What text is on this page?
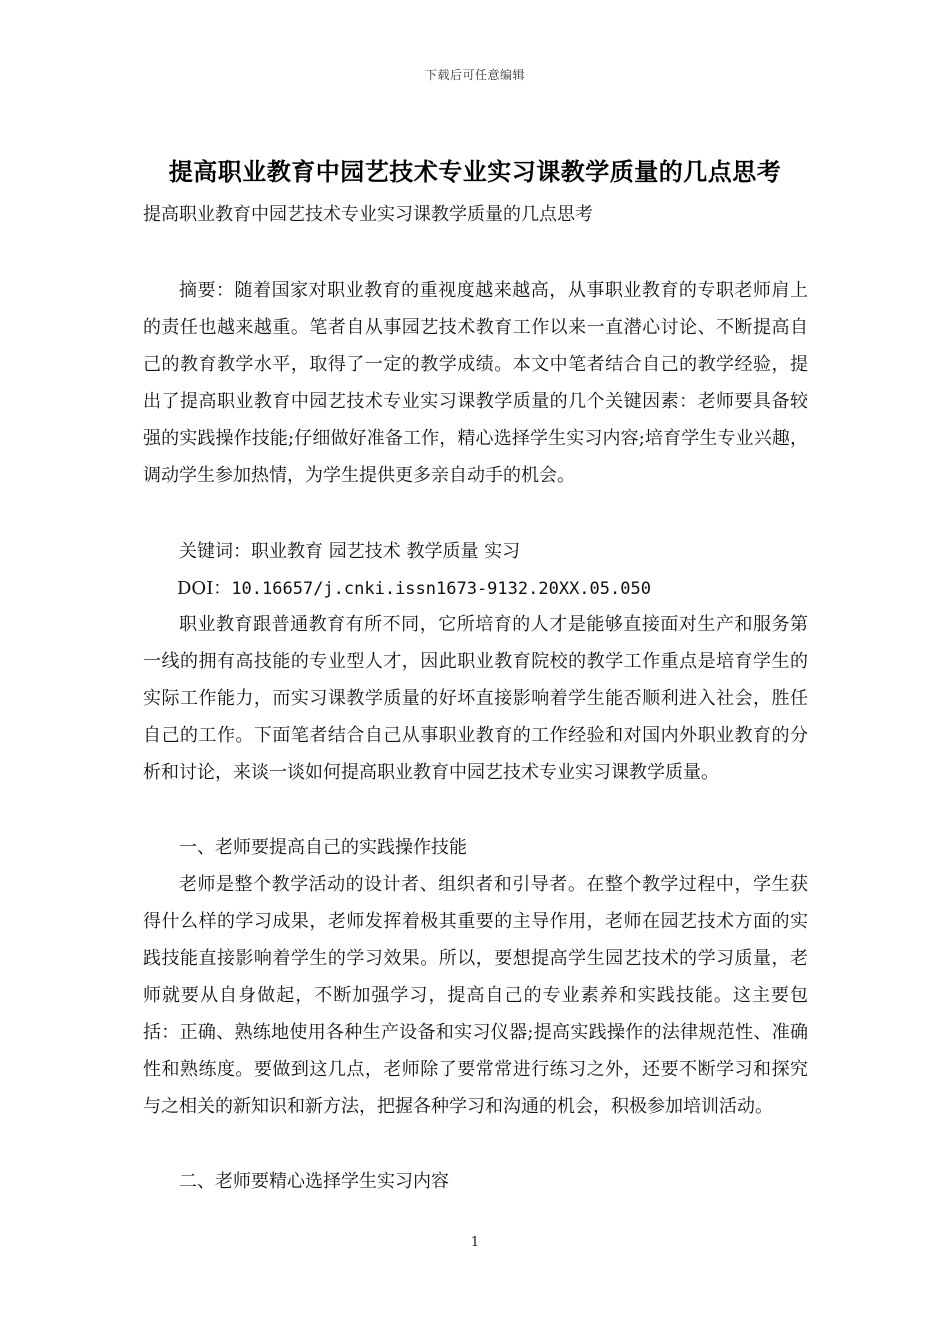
下载后可任意编辑
提高职业教育中园艺技术专业实习课教学质量的几点思考
提高职业教育中园艺技术专业实习课教学质量的几点思考
摘要：随着国家对职业教育的重视度越来越高，从事职业教育的专职老师肩上的责任也越来越重。笔者自从事园艺技术教育工作以来一直潜心讨论、不断提高自己的教育教学水平，取得了一定的教学成绩。本文中笔者结合自己的教学经验，提出了提高职业教育中园艺技术专业实习课教学质量的几个关键因素：老师要具备较强的实践操作技能;仔细做好准备工作，精心选择学生实习内容;培育学生专业兴趣，调动学生参加热情，为学生提供更多亲自动手的机会。
关键词：职业教育 园艺技术 教学质量 实习
DOI：10.16657/j.cnki.issn1673-9132.20XX.05.050
职业教育跟普通教育有所不同，它所培育的人才是能够直接面对生产和服务第一线的拥有高技能的专业型人才，因此职业教育院校的教学工作重点是培育学生的实际工作能力，而实习课教学质量的好坏直接影响着学生能否顺利进入社会，胜任自己的工作。下面笔者结合自己从事职业教育的工作经验和对国内外职业教育的分析和讨论，来谈一谈如何提高职业教育中园艺技术专业实习课教学质量。
一、老师要提高自己的实践操作技能
老师是整个教学活动的设计者、组织者和引导者。在整个教学过程中，学生获得什么样的学习成果，老师发挥着极其重要的主导作用，老师在园艺技术方面的实践技能直接影响着学生的学习效果。所以，要想提高学生园艺技术的学习质量，老师就要从自身做起，不断加强学习，提高自己的专业素养和实践技能。这主要包括：正确、熟练地使用各种生产设备和实习仪器;提高实践操作的法律规范性、准确性和熟练度。要做到这几点，老师除了要常常进行练习之外，还要不断学习和探究与之相关的新知识和新方法，把握各种学习和沟通的机会，积极参加培训活动。
二、老师要精心选择学生实习内容
1
